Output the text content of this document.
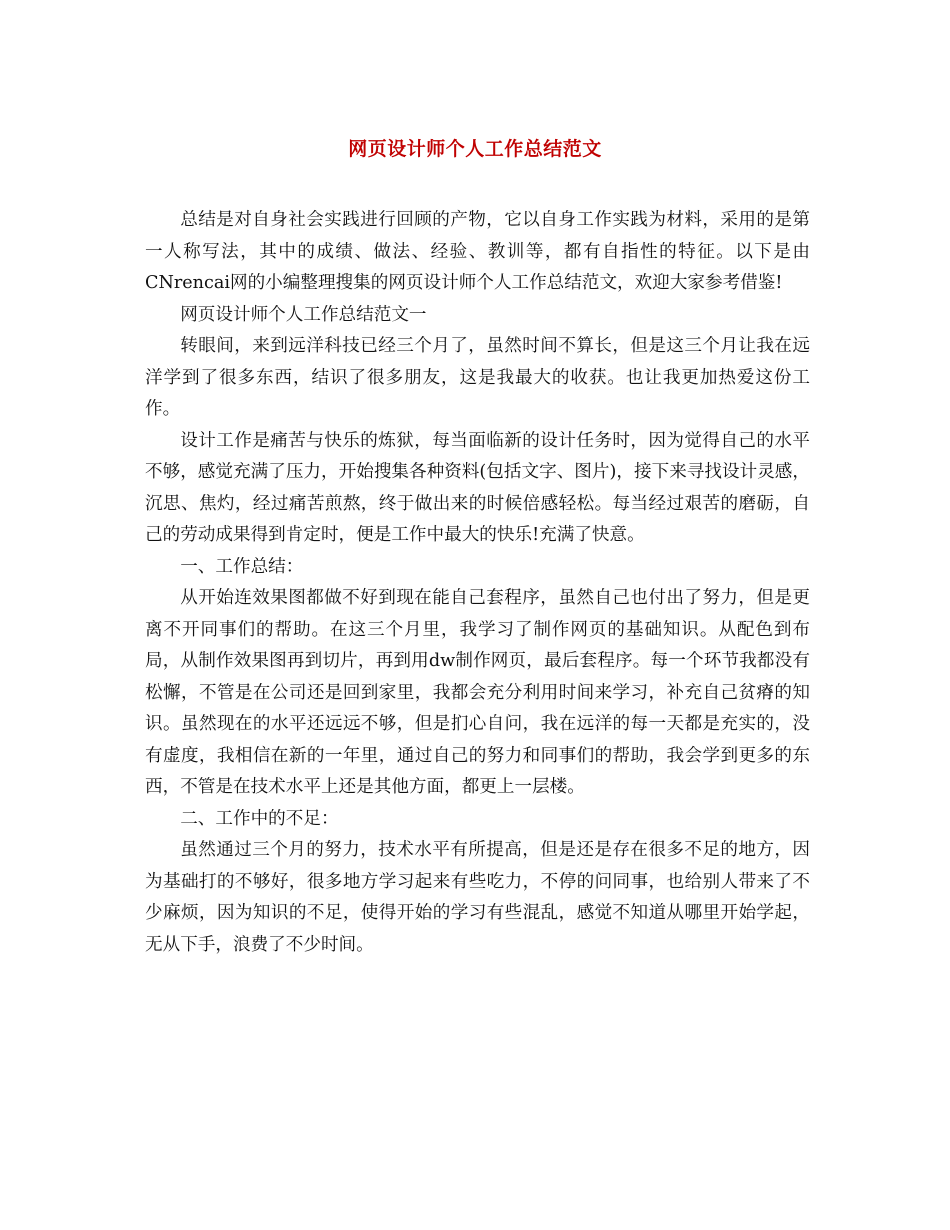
网页设计师个人工作总结范文

总结是对自身社会实践进行回顾的产物，它以自身工作实践为材料，采用的是第一人称写法，其中的成绩、做法、经验、教训等，都有自指性的特征。以下是由CNrencai网的小编整理搜集的网页设计师个人工作总结范文，欢迎大家参考借鉴!

网页设计师个人工作总结范文一

转眼间，来到远洋科技已经三个月了，虽然时间不算长，但是这三个月让我在远洋学到了很多东西，结识了很多朋友，这是我最大的收获。也让我更加热爱这份工作。

设计工作是痛苦与快乐的炼狱，每当面临新的设计任务时，因为觉得自己的水平不够，感觉充满了压力，开始搜集各种资料(包括文字、图片)，接下来寻找设计灵感，沉思、焦灼，经过痛苦煎熬，终于做出来的时候倍感轻松。每当经过艰苦的磨砺，自己的劳动成果得到肯定时，便是工作中最大的快乐!充满了快意。

一、工作总结：

从开始连效果图都做不好到现在能自己套程序，虽然自己也付出了努力，但是更离不开同事们的帮助。在这三个月里，我学习了制作网页的基础知识。从配色到布局，从制作效果图再到切片，再到用dw制作网页，最后套程序。每一个环节我都没有松懈，不管是在公司还是回到家里，我都会充分利用时间来学习，补充自己贫瘠的知识。虽然现在的水平还远远不够，但是扪心自问，我在远洋的每一天都是充实的，没有虚度，我相信在新的一年里，通过自己的努力和同事们的帮助，我会学到更多的东西，不管是在技术水平上还是其他方面，都更上一层楼。

二、工作中的不足：

虽然通过三个月的努力，技术水平有所提高，但是还是存在很多不足的地方，因为基础打的不够好，很多地方学习起来有些吃力，不停的问同事，也给别人带来了不少麻烦，因为知识的不足，使得开始的学习有些混乱，感觉不知道从哪里开始学起，无从下手，浪费了不少时间。
